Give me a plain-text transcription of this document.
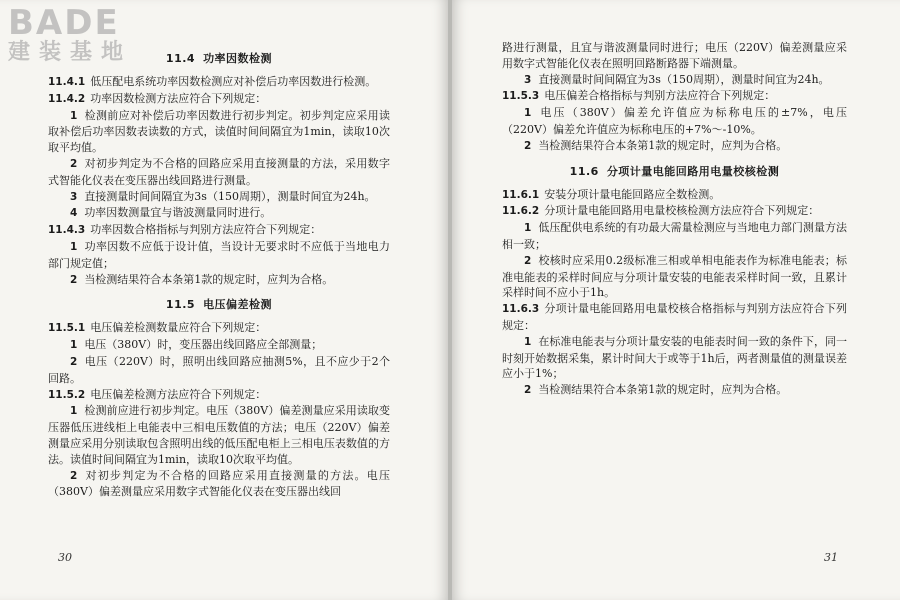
BADE
建装基地	11.4 功率因数检测

11.4.1 低压配电系统功率因数检测应对补偿后功率因数进行检测。

11.4.2 功率因数检测方法应符合下列规定：

1 检测前应对补偿后功率因数进行初步判定。初步判定应采用读取补偿后功率因数表读数的方式，读值时间间隔宜为1min，读取10次取平均值。

2 对初步判定为不合格的回路应采用直接测量的方法，采用数字式智能化仪表在变压器出线回路进行测量。

3 直接测量时间间隔宜为3s（150周期），测量时间宜为24h。

4 功率因数测量宜与谐波测量同时进行。

11.4.3 功率因数合格指标与判别方法应符合下列规定：

1 功率因数不应低于设计值，当设计无要求时不应低于当地电力部门规定值；

2 当检测结果符合本条第1款的规定时，应判为合格。

11.5 电压偏差检测

11.5.1 电压偏差检测数量应符合下列规定：

1 电压（380V）时，变压器出线回路应全部测量；

2 电压（220V）时，照明出线回路应抽测5%，且不应少于2个回路。

11.5.2 电压偏差检测方法应符合下列规定：

1 检测前应进行初步判定。电压（380V）偏差测量应采用读取变压器低压进线柜上电能表中三相电压数值的方法；电压（220V）偏差测量应采用分别读取包含照明出线的低压配电柜上三相电压表数值的方法。读值时间间隔宜为1min，读取10次取平均值。

2 对初步判定为不合格的回路应采用直接测量的方法。电压（380V）偏差测量应采用数字式智能化仪表在变压器出线回

30

路进行测量，且宜与谐波测量同时进行；电压（220V）偏差测量应采用数字式智能化仪表在照明回路断路器下端测量。

3 直接测量时间间隔宜为3s（150周期），测量时间宜为24h。

11.5.3 电压偏差合格指标与判别方法应符合下列规定：

1 电压（380V）偏差允许值应为标称电压的±7%，电压（220V）偏差允许值应为标称电压的+7%～-10%。

2 当检测结果符合本条第1款的规定时，应判为合格。

11.6 分项计量电能回路用电量校核检测

11.6.1 安装分项计量电能回路应全数检测。

11.6.2 分项计量电能回路用电量校核检测方法应符合下列规定：

1 低压配供电系统的有功最大需量检测应与当地电力部门测量方法相一致；

2 校核时应采用0.2级标准三相或单相电能表作为标准电能表；标准电能表的采样时间应与分项计量安装的电能表采样时间一致，且累计采样时间不应小于1h。

11.6.3 分项计量电能回路用电量校核合格指标与判别方法应符合下列规定：

1 在标准电能表与分项计量安装的电能表时间一致的条件下，同一时刻开始数据采集，累计时间大于或等于1h后，两者测量值的测量误差应小于1%；

2 当检测结果符合本条第1款的规定时，应判为合格。

31
